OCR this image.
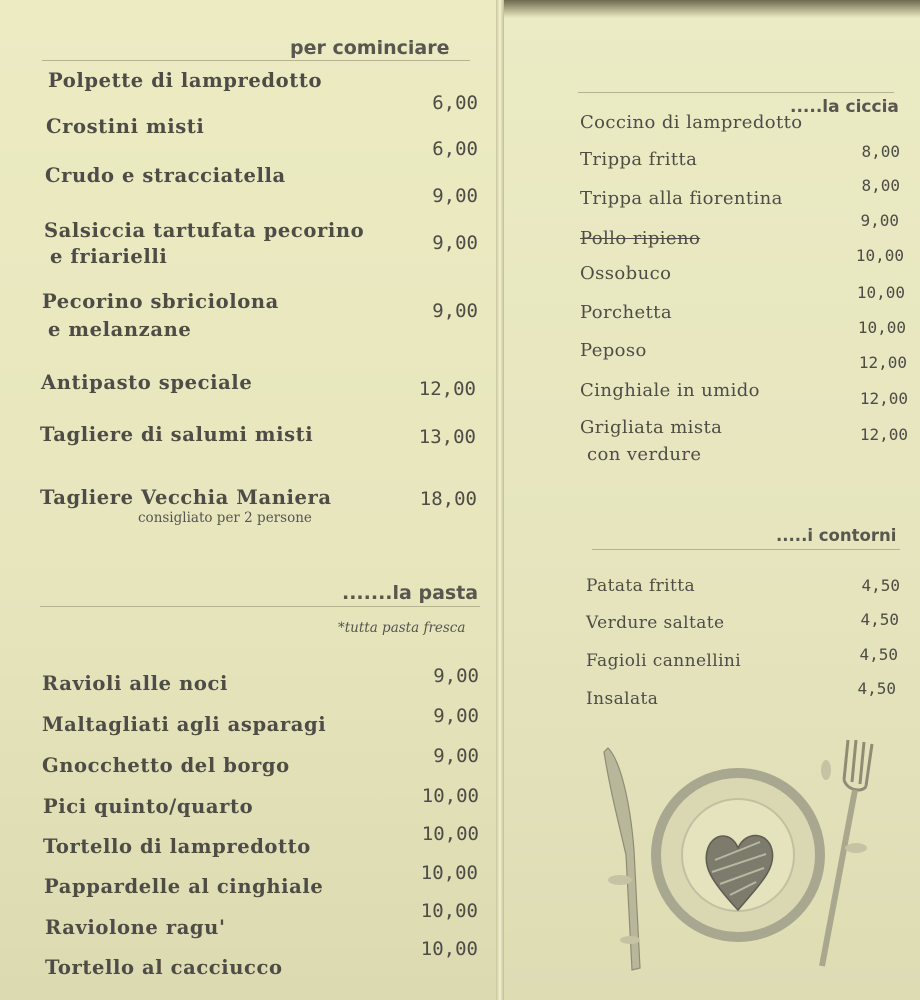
per cominciare
Polpette di lampredotto
6,00
Crostini misti
6,00
Crudo e stracciatella
9,00
Salsiccia tartufata pecorino
e friarielli
9,00
Pecorino sbriciolona
e melanzane
9,00
Antipasto speciale	12,00
Tagliere di salumi misti	13,00
Tagliere Vecchia Maniera
consigliato per 2 persone
18,00
.......la pasta
*tutta pasta fresca
Ravioli alle noci	9,00
Maltagliati agli asparagi	9,00
Gnocchetto del borgo	9,00
Pici quinto/quarto	10,00
Tortello di lampredotto
10,00
Pappardelle al cinghiale
10,00
Raviolone ragu'
10,00
Tortello al cacciucco
10,00
.....la ciccia
Coccino di lampredotto
8,00
Trippa fritta
8,00
Trippa alla fiorentina
9,00
Pollo ripieno
10,00
Ossobuco
10,00
Porchetta
10,00
Peposo
12,00
Cinghiale in umido	12,00
Grigliata mista
con verdure
12,00
.....i contorni
Patata fritta	4,50
Verdure saltate	4,50
Fagioli cannellini	4,50
Insalata
4,50
